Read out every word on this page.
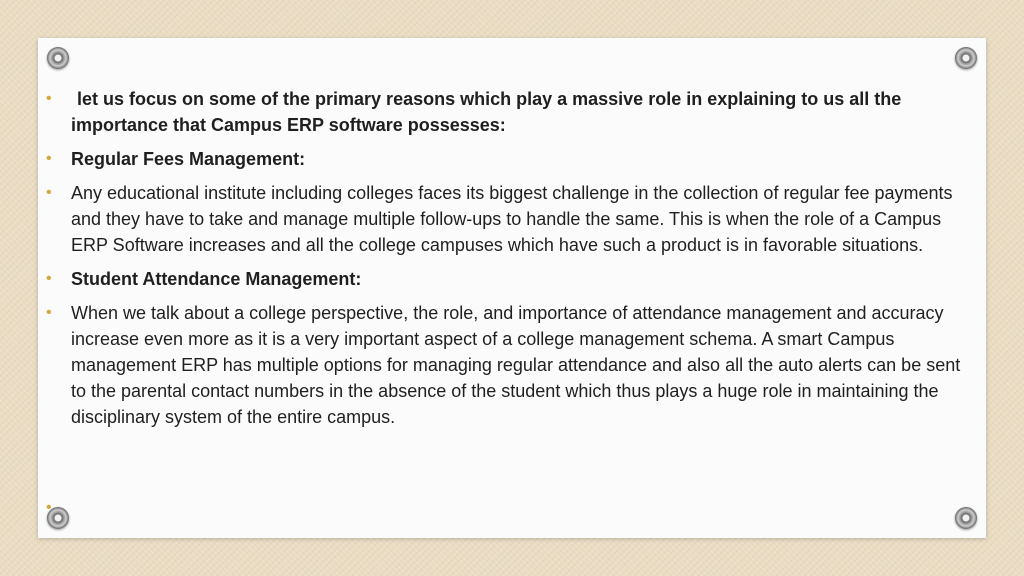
• let us focus on some of the primary reasons which play a massive role in explaining to us all the importance that Campus ERP software possesses:
• Regular Fees Management:
• Any educational institute including colleges faces its biggest challenge in the collection of regular fee payments and they have to take and manage multiple follow-ups to handle the same. This is when the role of a Campus ERP Software increases and all the college campuses which have such a product is in favorable situations.
• Student Attendance Management:
• When we talk about a college perspective, the role, and importance of attendance management and accuracy increase even more as it is a very important aspect of a college management schema. A smart Campus management ERP has multiple options for managing regular attendance and also all the auto alerts can be sent to the parental contact numbers in the absence of the student which thus plays a huge role in maintaining the disciplinary system of the entire campus.
•
